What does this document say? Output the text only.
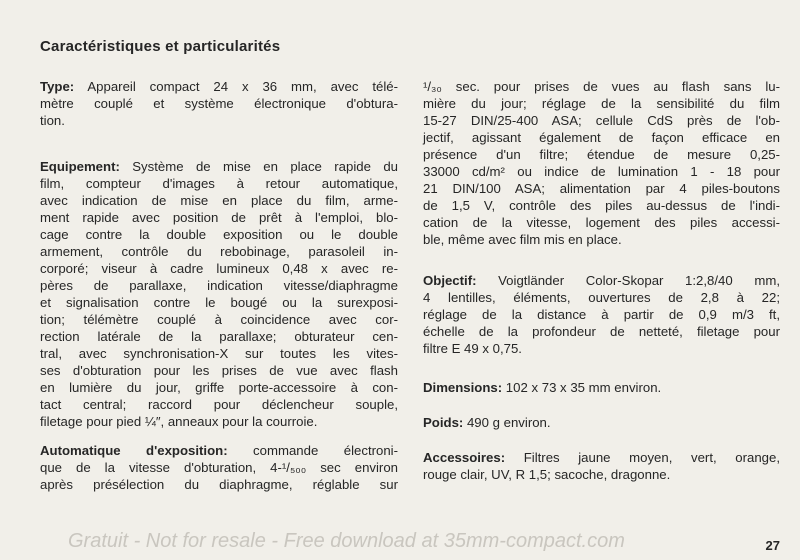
Caractéristiques et particularités

Type: Appareil compact 24 x 36 mm, avec télé-
mètre couplé et système électronique d'obtura-
tion.

Equipement: Système de mise en place rapide du
film, compteur d'images à retour automatique,
avec indication de mise en place du film, arme-
ment rapide avec position de prêt à l'emploi, blo-
cage contre la double exposition ou le double
armement, contrôle du rebobinage, parasoleil in-
corporé; viseur à cadre lumineux 0,48 x avec re-
pères de parallaxe, indication vitesse/diaphragme
et signalisation contre le bougé ou la surexposi-
tion; télémètre couplé à coincidence avec cor-
rection latérale de la parallaxe; obturateur cen-
tral, avec synchronisation-X sur toutes les vites-
ses d'obturation pour les prises de vue avec flash
en lumière du jour, griffe porte-accessoire à con-
tact central; raccord pour déclencheur souple,
filetage pour pied ¼″, anneaux pour la courroie.

Automatique d'exposition: commande électroni-
que de la vitesse d'obturation, 4-¹/₅₀₀ sec environ
après présélection du diaphragme, réglable sur

¹/₃₀ sec. pour prises de vues au flash sans lu-
mière du jour; réglage de la sensibilité du film
15-27 DIN/25-400 ASA; cellule CdS près de l'ob-
jectif, agissant également de façon efficace en
présence d'un filtre; étendue de mesure 0,25-
33000 cd/m² ou indice de lumination 1 - 18 pour
21 DIN/100 ASA; alimentation par 4 piles-boutons
de 1,5 V, contrôle des piles au-dessus de l'indi-
cation de la vitesse, logement des piles accessi-
ble, même avec film mis en place.

Objectif: Voigtländer Color-Skopar 1:2,8/40 mm,
4 lentilles, éléments, ouvertures de 2,8 à 22;
réglage de la distance à partir de 0,9 m/3 ft,
échelle de la profondeur de netteté, filetage pour
filtre E 49 x 0,75.

Dimensions: 102 x 73 x 35 mm environ.

Poids: 490 g environ.

Accessoires: Filtres jaune moyen, vert, orange,
rouge clair, UV, R 1,5; sacoche, dragonne.

Gratuit - Not for resale - Free download at 35mm-compact.com	27
